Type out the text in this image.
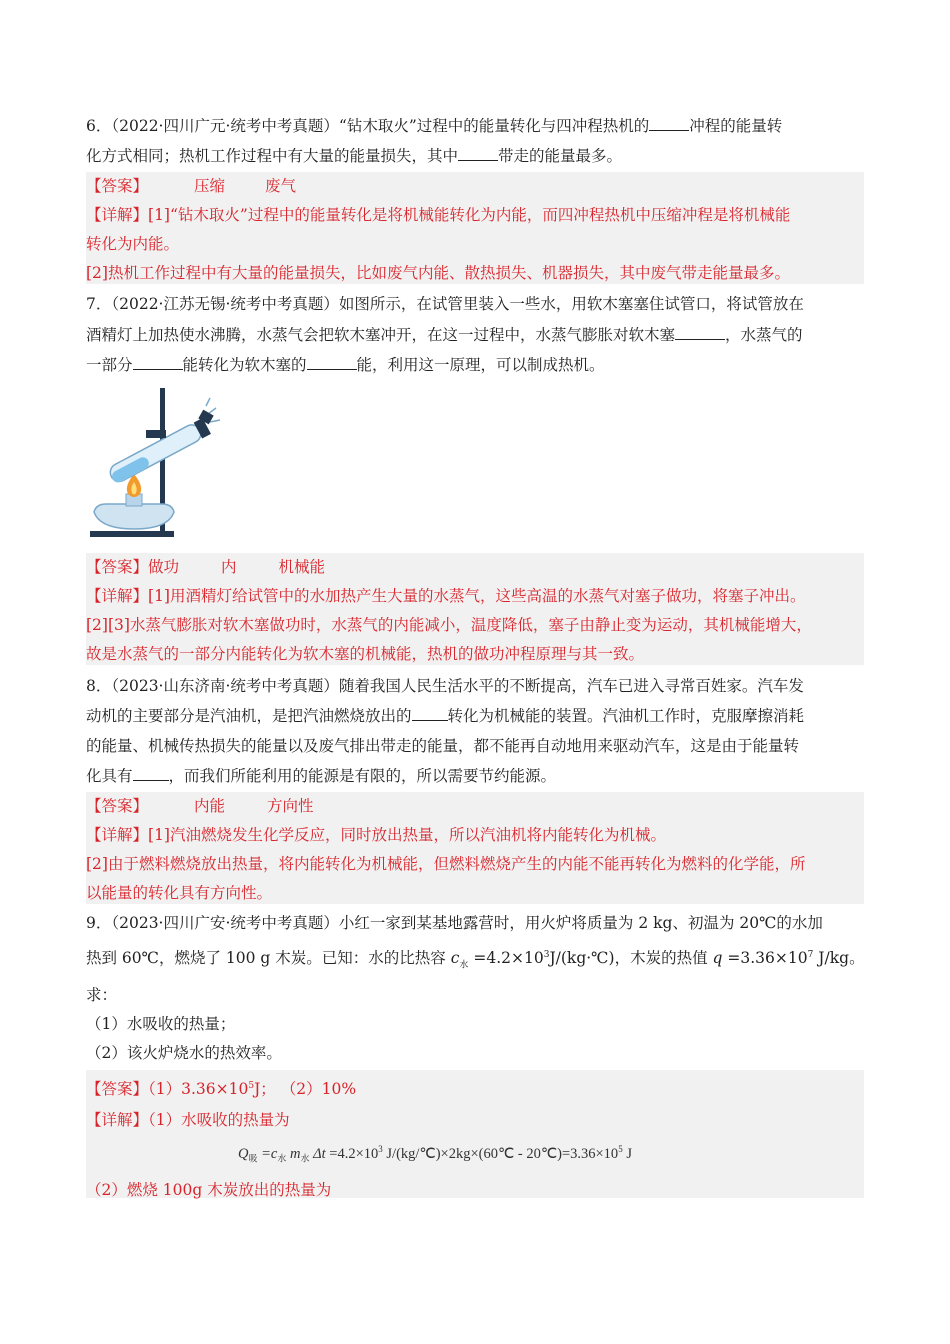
6．（2022·四川广元·统考中考真题）“钻木取火”过程中的能量转化与四冲程热机的	冲程的能量转
化方式相同；热机工作过程中有大量的能量损失，其中	带走的能量最多。
【答案】	压缩	废气
【详解】[1]“钻木取火”过程中的能量转化是将机械能转化为内能，而四冲程热机中压缩冲程是将机械能
转化为内能。
[2]热机工作过程中有大量的能量损失，比如废气内能、散热损失、机器损失，其中废气带走能量最多。
7．（2022·江苏无锡·统考中考真题）如图所示，在试管里装入一些水，用软木塞塞住试管口，将试管放在
酒精灯上加热使水沸腾，水蒸气会把软木塞冲开，在这一过程中，水蒸气膨胀对软木塞	，水蒸气的
一部分	能转化为软木塞的	能，利用这一原理，可以制成热机。
【答案】做功	内	机械能
【详解】[1]用酒精灯给试管中的水加热产生大量的水蒸气，这些高温的水蒸气对塞子做功，将塞子冲出。
[2][3]水蒸气膨胀对软木塞做功时，水蒸气的内能减小，温度降低，塞子由静止变为运动，其机械能增大，
故是水蒸气的一部分内能转化为软木塞的机械能，热机的做功冲程原理与其一致。
8．（2023·山东济南·统考中考真题）随着我国人民生活水平的不断提高，汽车已进入寻常百姓家。汽车发
动机的主要部分是汽油机，是把汽油燃烧放出的 转化为机械能的装置。汽油机工作时，克服摩擦消耗
的能量、机械传热损失的能量以及废气排出带走的能量，都不能再自动地用来驱动汽车，这是由于能量转
化具有 ，而我们所能利用的能源是有限的，所以需要节约能源。
【答案】	内能	方向性
【详解】[1]汽油燃烧发生化学反应，同时放出热量，所以汽油机将内能转化为机械。
[2]由于燃料燃烧放出热量，将内能转化为机械能，但燃料燃烧产生的内能不能再转化为燃料的化学能，所
以能量的转化具有方向性。
9．（2023·四川广安·统考中考真题）小红一家到某基地露营时，用火炉将质量为 2 kg、初温为 20℃的水加
热到 60℃，燃烧了 100 g 木炭。已知：水的比热容 $c_水$ $=4.2\times 10^3J/(kg\cdot℃)$，木炭的热值 $q =3.36\times 10^7$ J/kg。
求：
（1）水吸收的热量；
（2）该火炉烧水的热效率。
【答案】$(1)3.36\times 10^5J$； （2）10%
【详解】（1）水吸收的热量为
$Q_吸 =c_水$ $m_水$ $\Delta t =4.2\times 10^3$ J/(kg/℃)×2kg×(60℃ - $20℃)=3.36\times 10^5$ J
（2）燃烧 100g 木炭放出的热量为
